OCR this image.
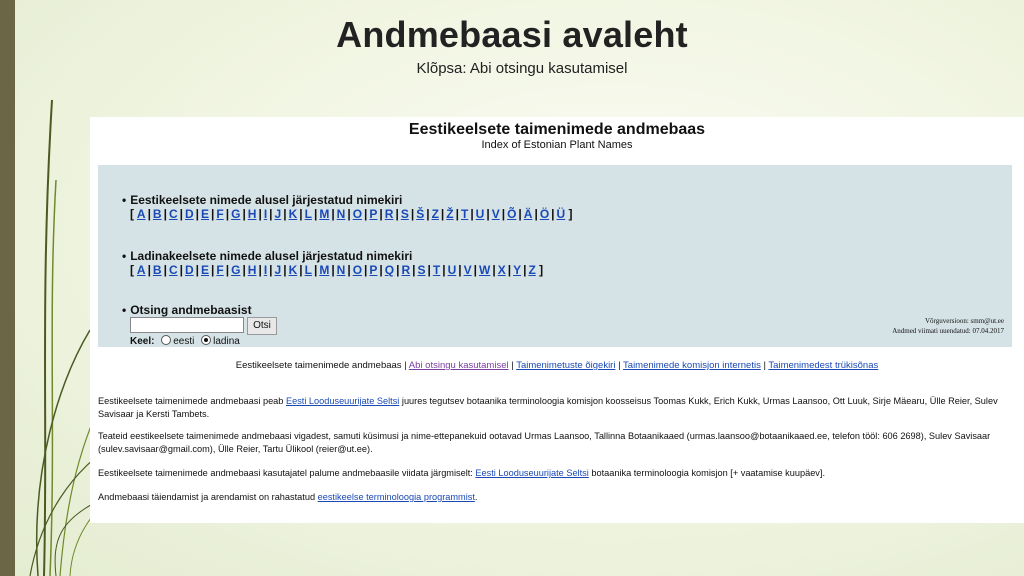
Andmebaasi avaleht
Klõpsa: Abi otsingu kasutamisel
Eestikeelsete taimenimede andmebaas
Index of Estonian Plant Names
• Eestikeelsete nimede alusel järjestatud nimekiri
[ A | B | C | D | E | F | G | H | I | J | K | L | M | N | O | P | R | S | Š | Z | Ž | T | U | V | Õ | Ä | Ö | Ü ]
• Ladinakeelsete nimede alusel järjestatud nimekiri
[ A | B | C | D | E | F | G | H | I | J | K | L | M | N | O | P | Q | R | S | T | U | V | W | X | Y | Z ]
• Otsing andmebaasist
Otsi
Keel: eesti ladina
Võrguversioon: smm@ut.ee
Andmed viimati uuendatud: 07.04.2017
Eestikeelsete taimenimede andmebaas | Abi otsingu kasutamisel | Taimenimetuste õigekiri | Taimenimede komisjon internetis | Taimenimedest trükisõnas
Eestikeelsete taimenimede andmebaasi peab Eesti Looduseuurijate Seltsi juures tegutsev botaanika terminoloogia komisjon koosseisus Toomas Kukk, Erich Kukk, Urmas Laansoo, Ott Luuk, Sirje Mäearu, Ülle Reier, Sulev Savisaar ja Kersti Tambets.
Teateid eestikeelsete taimenimede andmebaasi vigadest, samuti küsimusi ja nime-ettepanekuid ootavad Urmas Laansoo, Tallinna Botaanikaaed (urmas.laansoo@botaanikaaed.ee, telefon tööl: 606 2698), Sulev Savisaar (sulev.savisaar@gmail.com), Ülle Reier, Tartu Ülikool (reier@ut.ee).
Eestikeelsete taimenimede andmebaasi kasutajatel palume andmebaasile viidata järgmiselt: Eesti Looduseuurijate Seltsi botaanika terminoloogia komisjon [+ vaatamise kuupäev].
Andmebaasi täiendamist ja arendamist on rahastatud eestikeelse terminoloogia programmist.
